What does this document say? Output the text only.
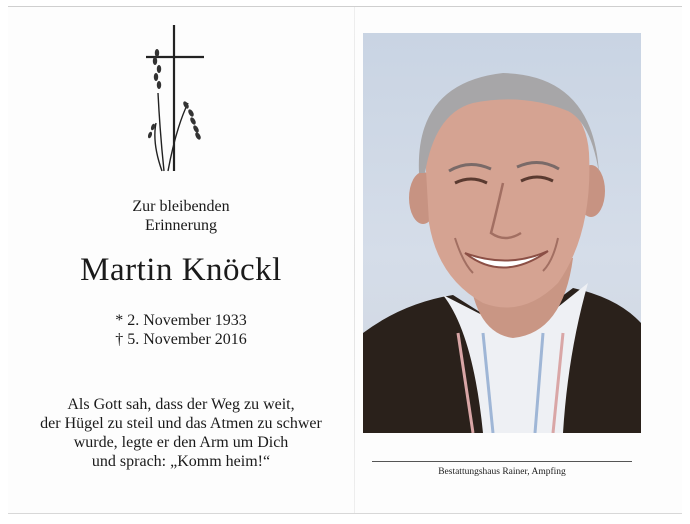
Zur bleibenden
Erinnerung
Martin Knöckl
* 2. November 1933
† 5. November 2016
Als Gott sah, dass der Weg zu weit,
der Hügel zu steil und das Atmen zu schwer
wurde, legte er den Arm um Dich
und sprach: „Komm heim!“
Bestattungshaus Rainer, Ampfing
